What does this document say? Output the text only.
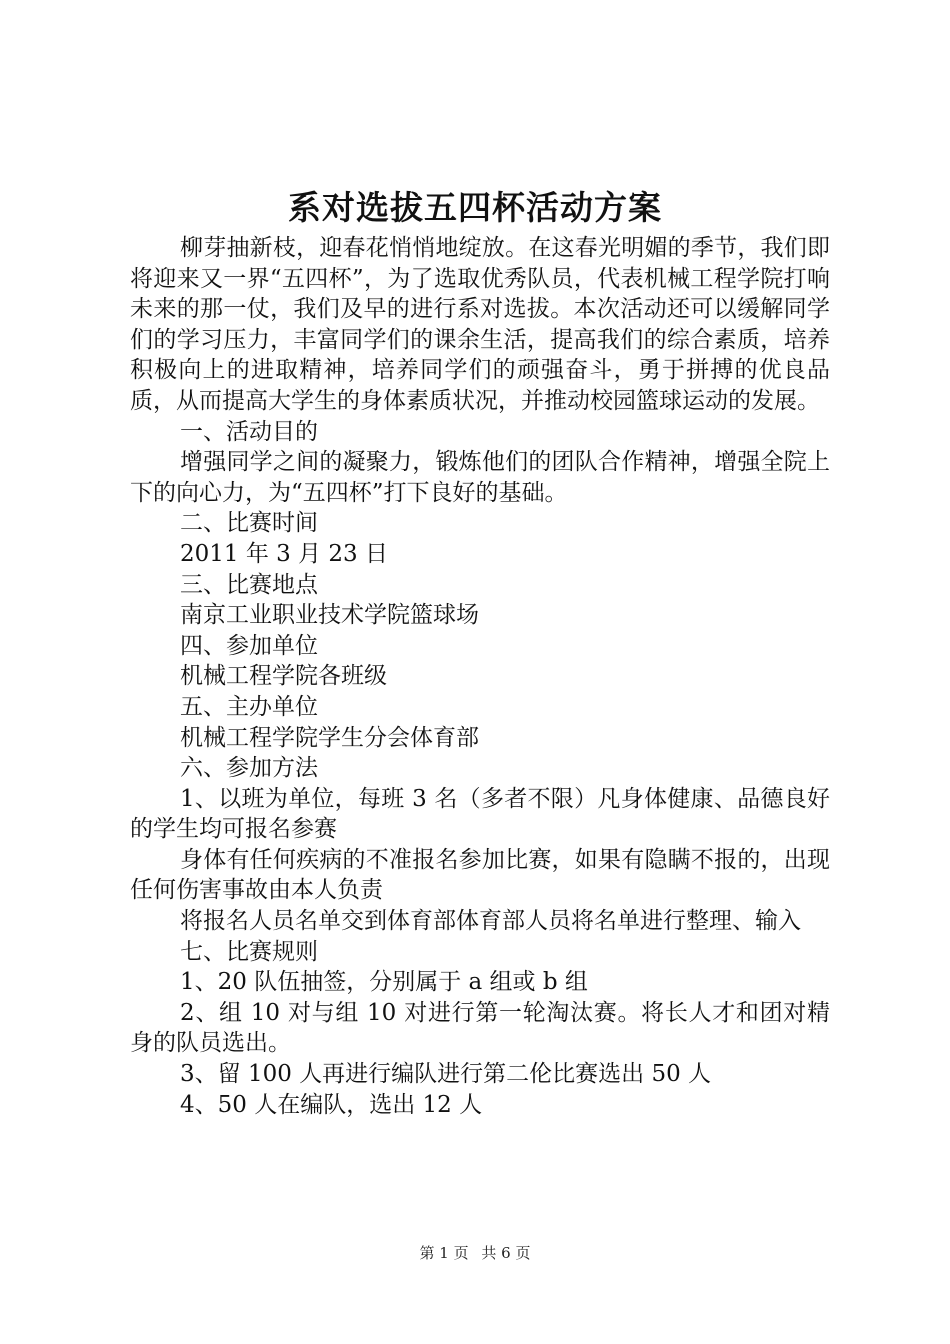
系对选拔五四杯活动方案

柳芽抽新枝，迎春花悄悄地绽放。在这春光明媚的季节，我们即将迎来又一界“五四杯”，为了选取优秀队员，代表机械工程学院打响未来的那一仗，我们及早的进行系对选拔。本次活动还可以缓解同学们的学习压力，丰富同学们的课余生活，提高我们的综合素质，培养积极向上的进取精神，培养同学们的顽强奋斗，勇于拼搏的优良品质，从而提高大学生的身体素质状况，并推动校园篮球运动的发展。

一、活动目的

增强同学之间的凝聚力，锻炼他们的团队合作精神，增强全院上下的向心力，为“五四杯”打下良好的基础。

二、比赛时间

2011 年 3 月 23 日

三、比赛地点

南京工业职业技术学院篮球场

四、参加单位

机械工程学院各班级

五、主办单位

机械工程学院学生分会体育部

六、参加方法

1、以班为单位，每班 3 名（多者不限）凡身体健康、品德良好的学生均可报名参赛

身体有任何疾病的不准报名参加比赛，如果有隐瞒不报的，出现任何伤害事故由本人负责

将报名人员名单交到体育部体育部人员将名单进行整理、输入

七、比赛规则

1、20 队伍抽签，分别属于 a 组或 b 组

2、组 10 对与组 10 对进行第一轮淘汰赛。将长人才和团对精身的队员选出。

3、留 100 人再进行编队进行第二伦比赛选出 50 人

4、50 人在编队，选出 12 人

第 1 页 共 6 页
